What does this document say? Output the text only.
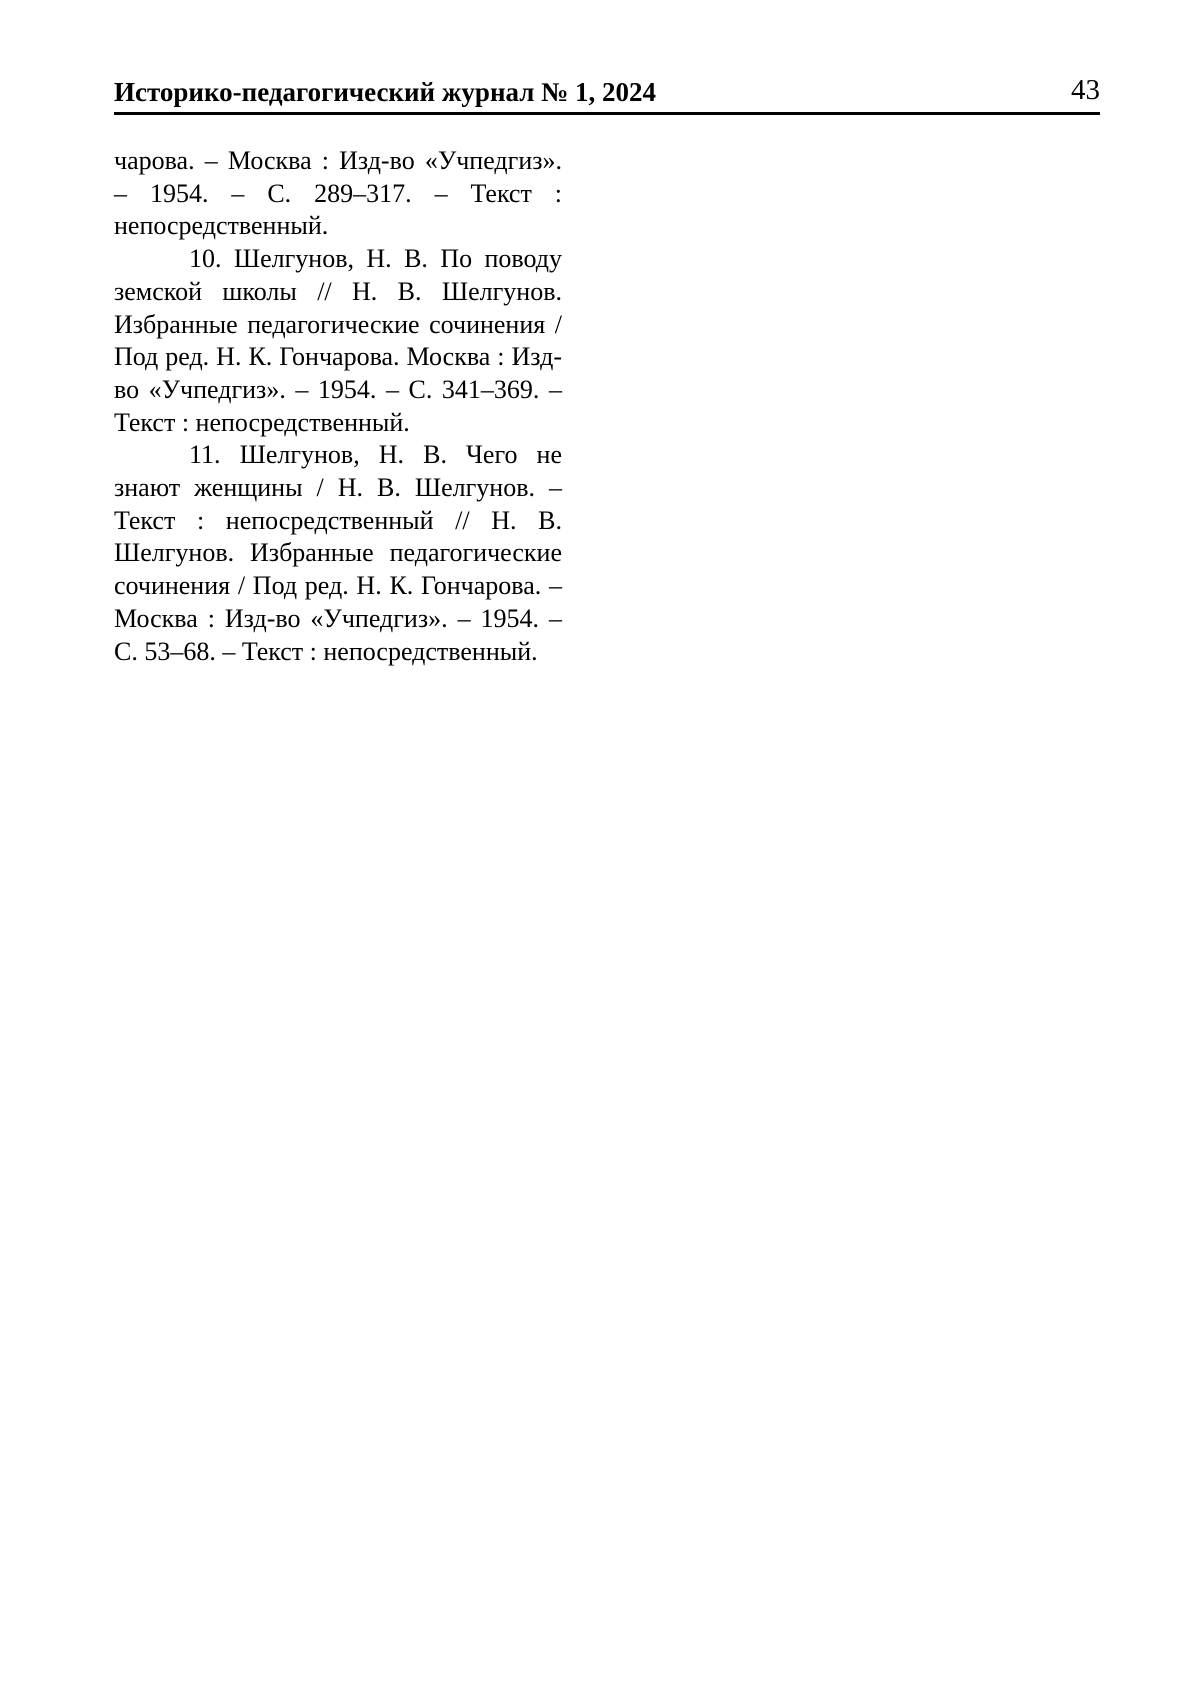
Историко-педагогический журнал № 1, 2024	43

чарова. – Москва : Изд-во «Учпедгиз». – 1954. – С. 289–317. – Текст : непосредственный.

10. Шелгунов, Н. В. По поводу земской школы // Н. В. Шелгунов. Избранные педагогические сочинения / Под ред. Н. К. Гончарова. Москва : Изд-во «Учпедгиз». – 1954. – С. 341–369. – Текст : непосредственный.

11. Шелгунов, Н. В. Чего не знают женщины / Н. В. Шелгунов. – Текст : непосредственный // Н. В. Шелгунов. Избранные педагогические сочинения / Под ред. Н. К. Гончарова. – Москва : Изд-во «Учпедгиз». – 1954. – С. 53–68. – Текст : непосредственный.
